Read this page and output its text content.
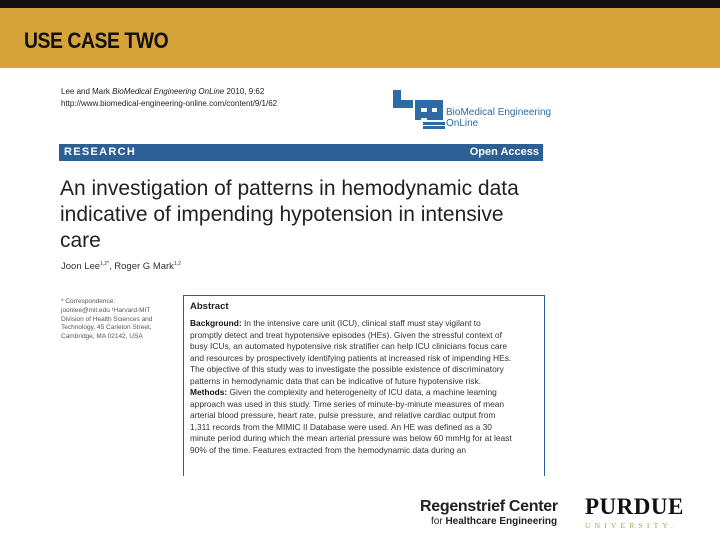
USE CASE TWO
Lee and Mark BioMedical Engineering OnLine 2010, 9:62
http://www.biomedical-engineering-online.com/content/9/1/62
BioMedical Engineering
OnLine
RESEARCH	Open Access
An investigation of patterns in hemodynamic data indicative of impending hypotension in intensive care
Joon Lee$^{1,2*}$, Roger G Mark$^{1,2}$
* Correspondence: joonlee@mit.edu ¹Harvard-MIT Division of Health Sciences and Technology, 45 Carleton Street, Cambridge, MA 02142, USA
Abstract
Background: In the intensive care unit (ICU), clinical staff must stay vigilant to promptly detect and treat hypotensive episodes (HEs). Given the stressful context of busy ICUs, an automated hypotensive risk stratifier can help ICU clinicians focus care and resources by prospectively identifying patients at increased risk of impending HEs. The objective of this study was to investigate the possible existence of discriminatory patterns in hemodynamic data that can be indicative of future hypotensive risk.
Methods: Given the complexity and heterogeneity of ICU data, a machine learning approach was used in this study. Time series of minute-by-minute measures of mean arterial blood pressure, heart rate, pulse pressure, and relative cardiac output from 1,311 records from the MIMIC II Database were used. An HE was defined as a 30 minute period during which the mean arterial pressure was below 60 mmHg for at least 90% of the time. Features extracted from the hemodynamic data during an
Regenstrief Center
for Healthcare Engineering
PURDUE
UNIVERSITY.
